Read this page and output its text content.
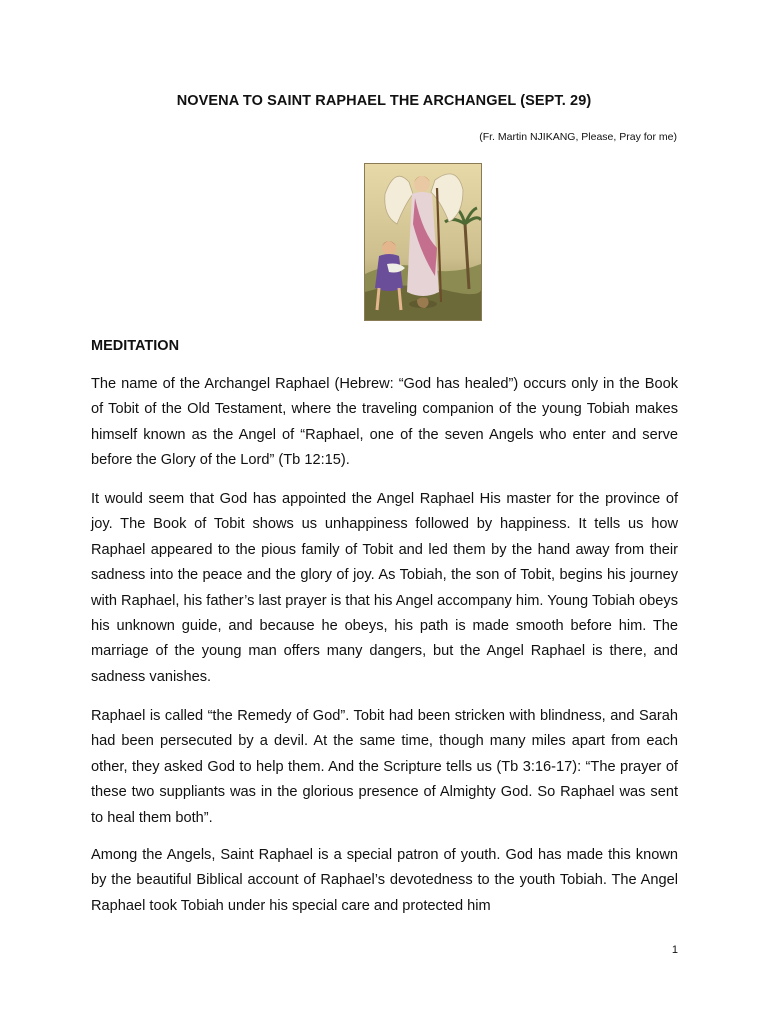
NOVENA TO SAINT RAPHAEL THE ARCHANGEL (SEPT. 29)
(Fr. Martin NJIKANG, Please, Pray for me)
MEDITATION

The name of the Archangel Raphael (Hebrew: “God has healed”) occurs only in the Book of Tobit of the Old Testament, where the traveling companion of the young Tobiah makes himself known as the Angel of “Raphael, one of the seven Angels who enter and serve before the Glory of the Lord” (Tb 12:15).

It would seem that God has appointed the Angel Raphael His master for the province of joy. The Book of Tobit shows us unhappiness followed by happiness. It tells us how Raphael appeared to the pious family of Tobit and led them by the hand away from their sadness into the peace and the glory of joy. As Tobiah, the son of Tobit, begins his journey with Raphael, his father’s last prayer is that his Angel accompany him. Young Tobiah obeys his unknown guide, and because he obeys, his path is made smooth before him. The marriage of the young man offers many dangers, but the Angel Raphael is there, and sadness vanishes.

Raphael is called “the Remedy of God”. Tobit had been stricken with blindness, and Sarah had been persecuted by a devil. At the same time, though many miles apart from each other, they asked God to help them. And the Scripture tells us (Tb 3:16-17): “The prayer of these two suppliants was in the glorious presence of Almighty God. So Raphael was sent to heal them both”.

Among the Angels, Saint Raphael is a special patron of youth. God has made this known by the beautiful Biblical account of Raphael’s devotedness to the youth Tobiah. The Angel Raphael took Tobiah under his special care and protected him

1
